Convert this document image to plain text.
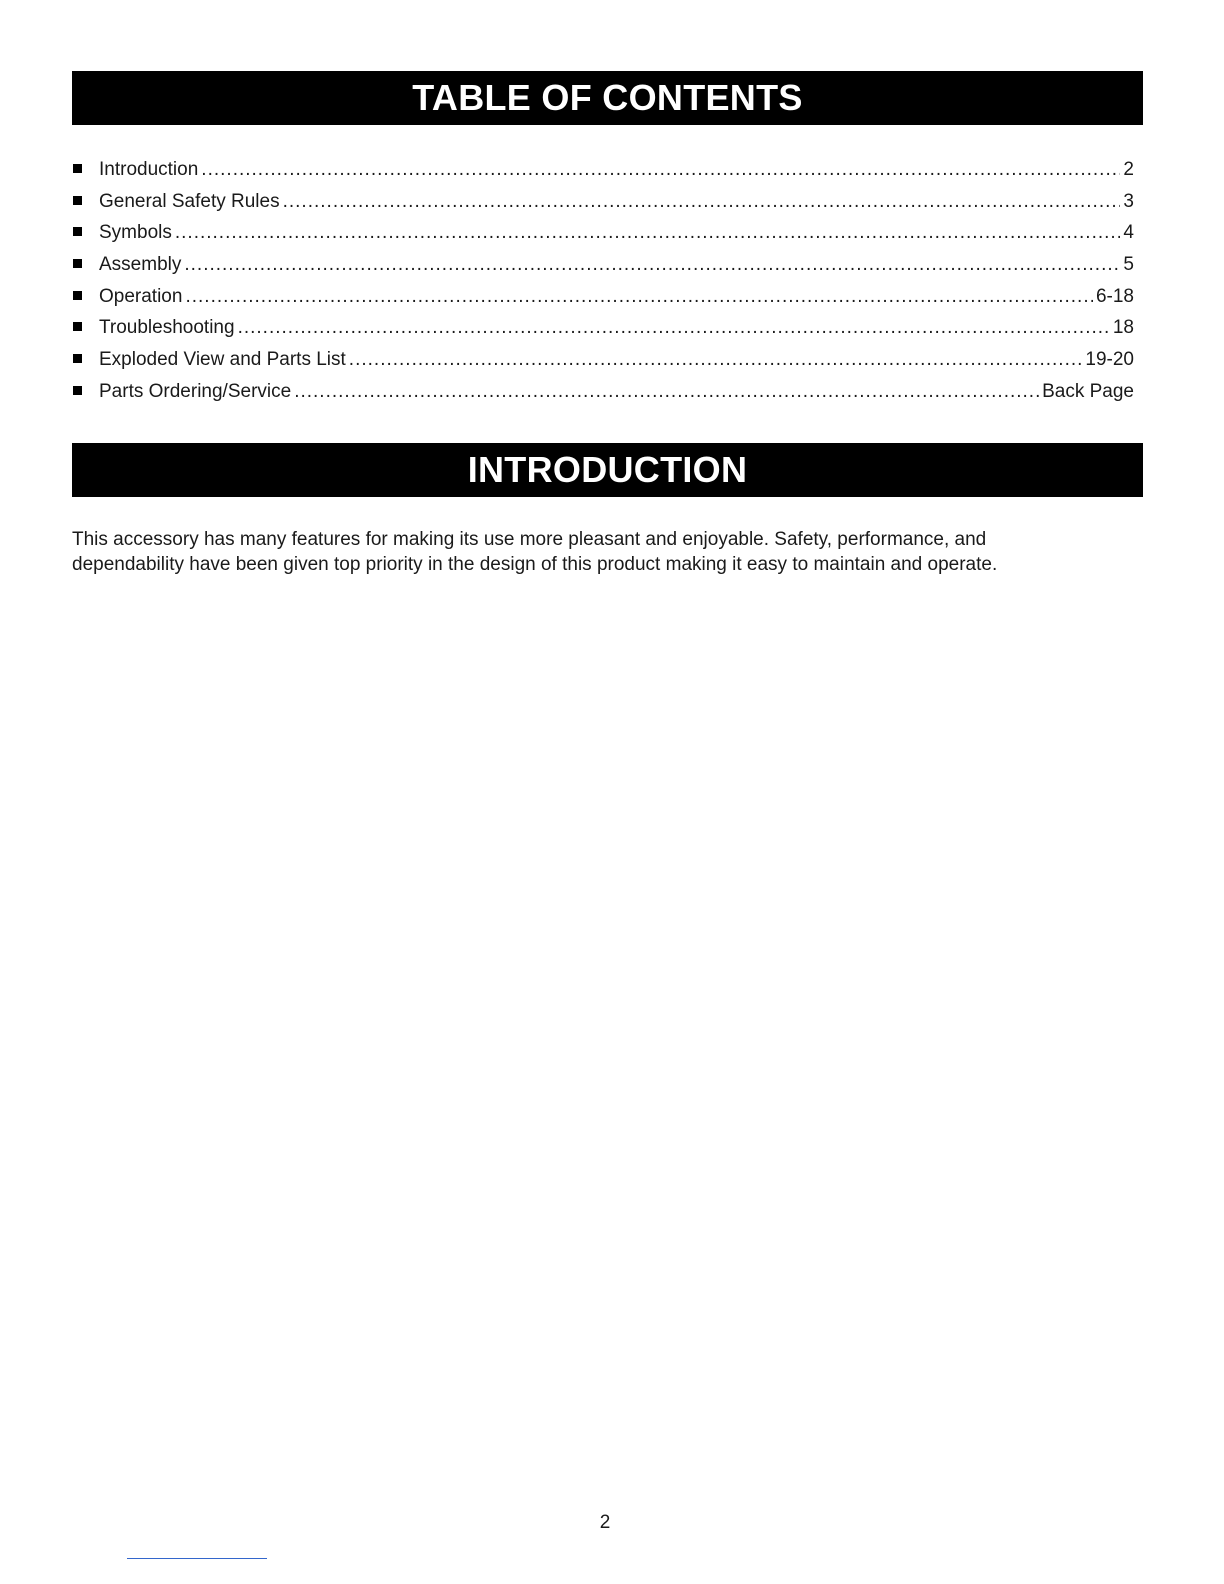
TABLE OF CONTENTS
Introduction .....	2
General Safety Rules .....	3
Symbols .....	4
Assembly .....	5
Operation .....	6-18
Troubleshooting .....	18
Exploded View and Parts List .....	19-20
Parts Ordering/Service .....	Back Page
INTRODUCTION

This accessory has many features for making its use more pleasant and enjoyable. Safety, performance, and dependability have been given top priority in the design of this product making it easy to maintain and operate.

2
